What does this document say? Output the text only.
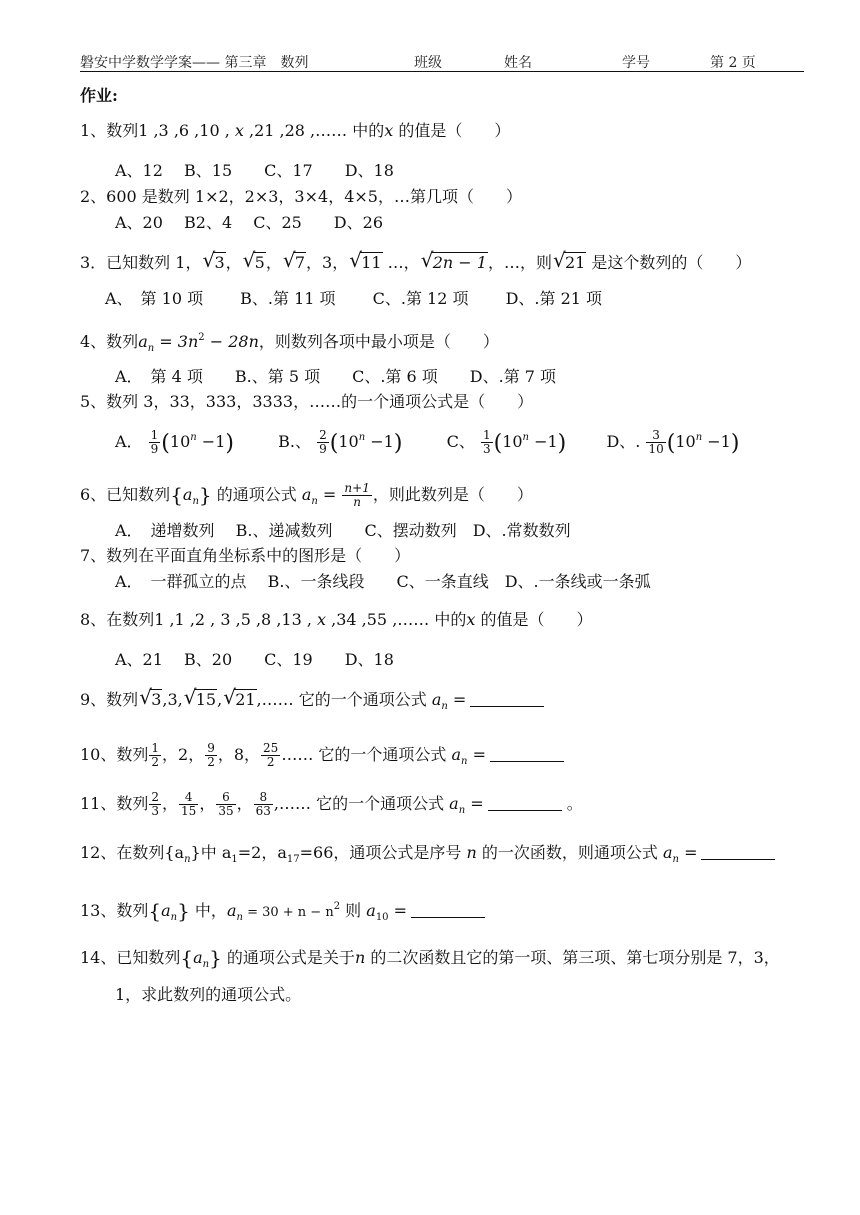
磐安中学数学学案—— 第三章　数列	班级	姓名	学号	第 2 页
作业:
1、数列1 ,3 ,6 ,10 , x ,21 ,28 ,…… 中的x 的值是（　　）
A、12　 B、15　　C、17　　D、18
2、600 是数列 1×2，2×3，3×4，4×5，…第几项（　　）
A、20　 B2、4　 C、25　　D、26
3．已知数列 1， √ 3， √ 5， √ 7，3， √ 11 …， √ 2n − 1，…，则 √ 21 是这个数列的（　　）
A、　第 10 项　　 B、.第 11 项　　 C、.第 12 项　　 D、.第 21 项
4、数列$a_n = 3n^2 - 28n$，则数列各项中最小项是（　　）
A．　第 4 项　　B.、第 5 项　　C、.第 6 项　　D、.第 7 项
5、数列 3，33，333，3333，……的一个通项公式是（　　）
A． $\frac{1}{9} (10^n -1)$	B.、 $\frac{2}{9} (10^n -1)$	C、 $\frac{1}{3} (10^n -1)$	D、. $\frac{3}{10} (10^n -1)$
6、已知数列$\{a_n\}$ 的通项公式 $a_n = \frac{n+1}{n}$ ，则此数列是（　　）
A．　递增数列　 B.、递减数列　　C、摆动数列　D、.常数数列
7、数列在平面直角坐标系中的图形是（　　）
A．　一群孤立的点　 B.、一条线段　　C、一条直线　D、.一条线或一条弧
8、在数列1 ,1 ,2 , 3 ,5 ,8 ,13 , x ,34 ,55 ,…… 中的x 的值是（　　）
A、21　 B、20　　C、19　　D、18
9、数列 √ 3,3, √ 15, √ 21,…… 它的一个通项公式 $a_n$ =
10、数列 $\frac{1}{2}$ ，2， $\frac{9}{2}$ ，8， $\frac{25}{2}$ …… 它的一个通项公式 $a_n$ =
11、数列 $\frac{2}{3}$ ， $\frac{4}{15}$ ， $\frac{6}{35}$ ， $\frac{8}{63}$ ,…… 它的一个通项公式 $a_n$ =	。
12、在数列$\{a_n\}$中 $a_1=2$，$a_{17}=66$，通项公式是序号 n 的一次函数，则通项公式 $a_n$ =
13、数列$\{a_n\}$ 中，$a_n = 30 + n - n^2$ 则 $a_{10}$ =
14、已知数列$\{a_n\}$ 的通项公式是关于n 的二次函数且它的第一项、第三项、第七项分别是 7，3，
1，求此数列的通项公式。
